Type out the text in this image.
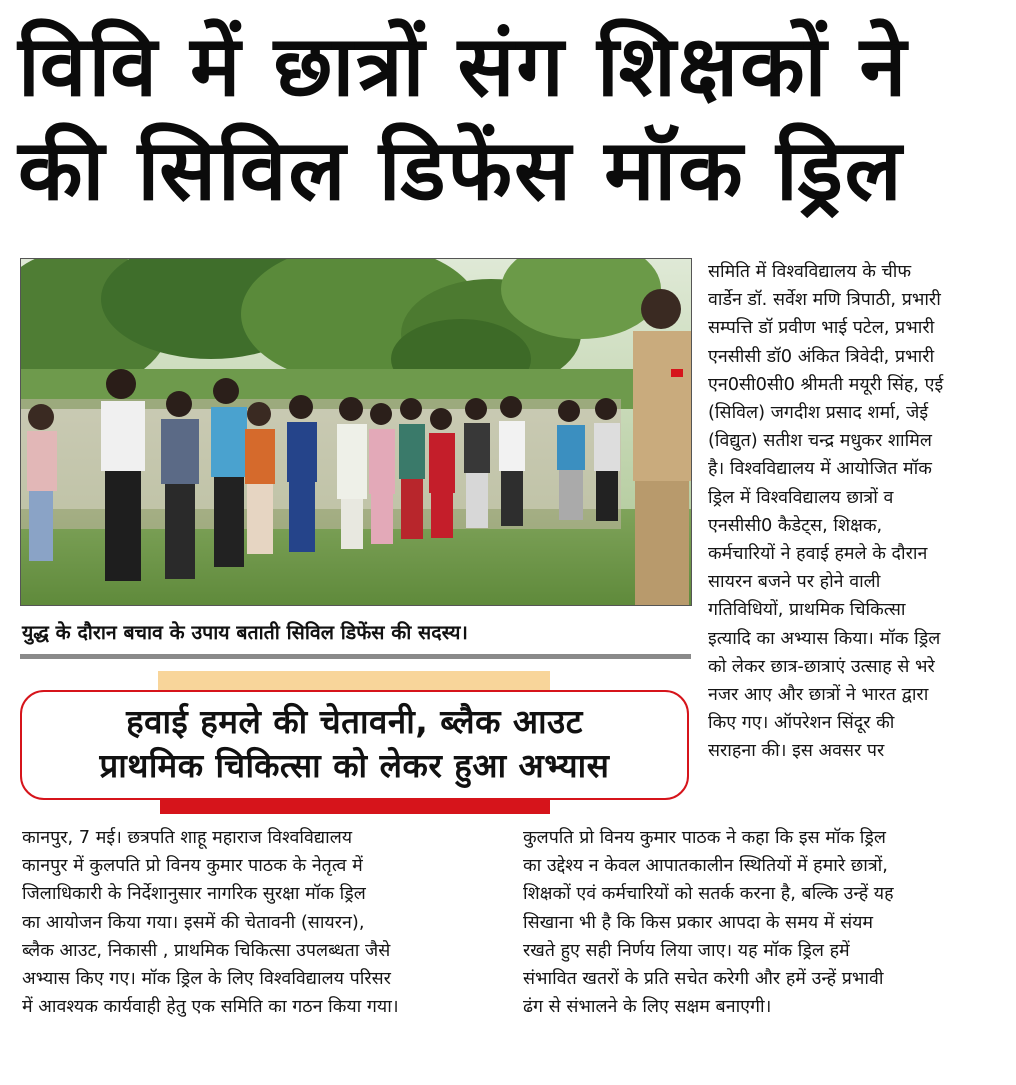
विवि में छात्रों संग शिक्षकों ने
की सिविल डिफेंस मॉक ड्रिल
युद्ध के दौरान बचाव के उपाय बताती सिविल डिफेंस की सदस्य।
हवाई हमले की चेतावनी, ब्लैक आउट
प्राथमिक चिकित्सा को लेकर हुआ अभ्यास
समिति में विश्वविद्यालय के चीफ
वार्डेन डॉ. सर्वेश मणि त्रिपाठी, प्रभारी
सम्पत्ति डॉ प्रवीण भाई पटेल, प्रभारी
एनसीसी डॉ0 अंकित त्रिवेदी, प्रभारी
एन0सी0सी0 श्रीमती मयूरी सिंह, एई
(सिविल) जगदीश प्रसाद शर्मा, जेई
(विद्युत) सतीश चन्द्र मधुकर शामिल
है। विश्वविद्यालय में आयोजित मॉक
ड्रिल में विश्वविद्यालय छात्रों व
एनसीसी0 कैडेट्स, शिक्षक,
कर्मचारियों ने हवाई हमले के दौरान
सायरन बजने पर होने वाली
गतिविधियों, प्राथमिक चिकित्सा
इत्यादि का अभ्यास किया। मॉक ड्रिल
को लेकर छात्र-छात्राएं उत्साह से भरे
नजर आए और छात्रों ने भारत द्वारा
किए गए। ऑपरेशन सिंदूर की
सराहना की। इस अवसर पर
कानपुर, 7 मई। छत्रपति शाहू महाराज विश्वविद्यालय
कानपुर में कुलपति प्रो विनय कुमार पाठक के नेतृत्व में
जिलाधिकारी के निर्देशानुसार नागरिक सुरक्षा मॉक ड्रिल
का आयोजन किया गया। इसमें की चेतावनी (सायरन),
ब्लैक आउट, निकासी , प्राथमिक चिकित्सा उपलब्धता जैसे
अभ्यास किए गए। मॉक ड्रिल के लिए विश्वविद्यालय परिसर
में आवश्यक कार्यवाही हेतु एक समिति का गठन किया गया।
कुलपति प्रो विनय कुमार पाठक ने कहा कि इस मॉक ड्रिल
का उद्देश्य न केवल आपातकालीन स्थितियों में हमारे छात्रों,
शिक्षकों एवं कर्मचारियों को सतर्क करना है, बल्कि उन्हें यह
सिखाना भी है कि किस प्रकार आपदा के समय में संयम
रखते हुए सही निर्णय लिया जाए। यह मॉक ड्रिल हमें
संभावित खतरों के प्रति सचेत करेगी और हमें उन्हें प्रभावी
ढंग से संभालने के लिए सक्षम बनाएगी।
